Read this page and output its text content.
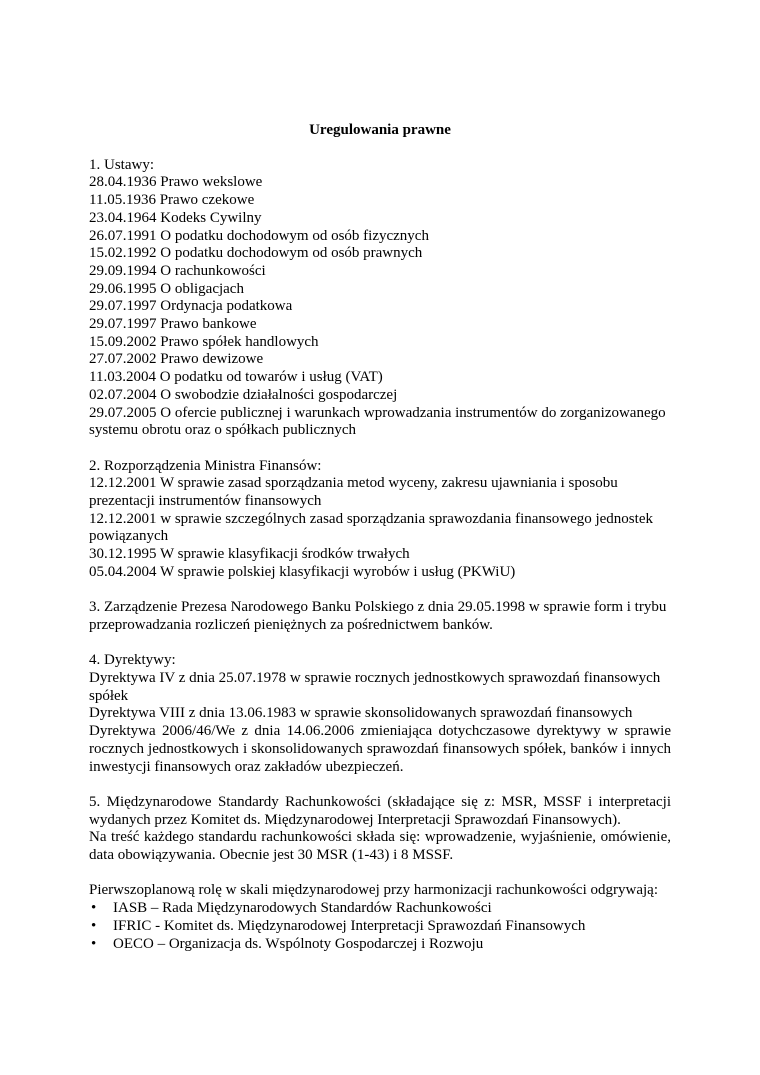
Uregulowania prawne
1. Ustawy:
28.04.1936 Prawo wekslowe
11.05.1936 Prawo czekowe
23.04.1964 Kodeks Cywilny
26.07.1991 O podatku dochodowym od osób fizycznych
15.02.1992 O podatku dochodowym od osób prawnych
29.09.1994 O rachunkowości
29.06.1995 O obligacjach
29.07.1997 Ordynacja podatkowa
29.07.1997 Prawo bankowe
15.09.2002 Prawo spółek handlowych
27.07.2002 Prawo dewizowe
11.03.2004 O podatku od towarów i usług (VAT)
02.07.2004 O swobodzie działalności gospodarczej
29.07.2005 O ofercie publicznej i warunkach wprowadzania instrumentów do zorganizowanego systemu obrotu oraz o spółkach publicznych
2. Rozporządzenia Ministra Finansów:
12.12.2001 W sprawie zasad sporządzania metod wyceny, zakresu ujawniania i sposobu prezentacji instrumentów finansowych
12.12.2001 w sprawie szczególnych zasad sporządzania sprawozdania finansowego jednostek powiązanych
30.12.1995 W sprawie klasyfikacji środków trwałych
05.04.2004 W sprawie polskiej klasyfikacji wyrobów i usług (PKWiU)
3. Zarządzenie Prezesa Narodowego Banku Polskiego z dnia 29.05.1998 w sprawie form i trybu przeprowadzania rozliczeń pieniężnych za pośrednictwem banków.
4. Dyrektywy:
Dyrektywa IV z dnia 25.07.1978 w sprawie rocznych jednostkowych sprawozdań finansowych spółek
Dyrektywa VIII z dnia 13.06.1983 w sprawie skonsolidowanych sprawozdań finansowych
Dyrektywa 2006/46/We z dnia 14.06.2006 zmieniająca dotychczasowe dyrektywy w sprawie rocznych jednostkowych i skonsolidowanych sprawozdań finansowych spółek, banków i innych inwestycji finansowych oraz zakładów ubezpieczeń.
5. Międzynarodowe Standardy Rachunkowości (składające się z: MSR, MSSF i interpretacji wydanych przez Komitet ds. Międzynarodowej Interpretacji Sprawozdań Finansowych).
Na treść każdego standardu rachunkowości składa się: wprowadzenie, wyjaśnienie, omówienie, data obowiązywania. Obecnie jest 30 MSR (1-43) i 8 MSSF.
Pierwszoplanową rolę w skali międzynarodowej przy harmonizacji rachunkowości odgrywają:
• IASB – Rada Międzynarodowych Standardów Rachunkowości
• IFRIC - Komitet ds. Międzynarodowej Interpretacji Sprawozdań Finansowych
• OECO – Organizacja ds. Wspólnoty Gospodarczej i Rozwoju
